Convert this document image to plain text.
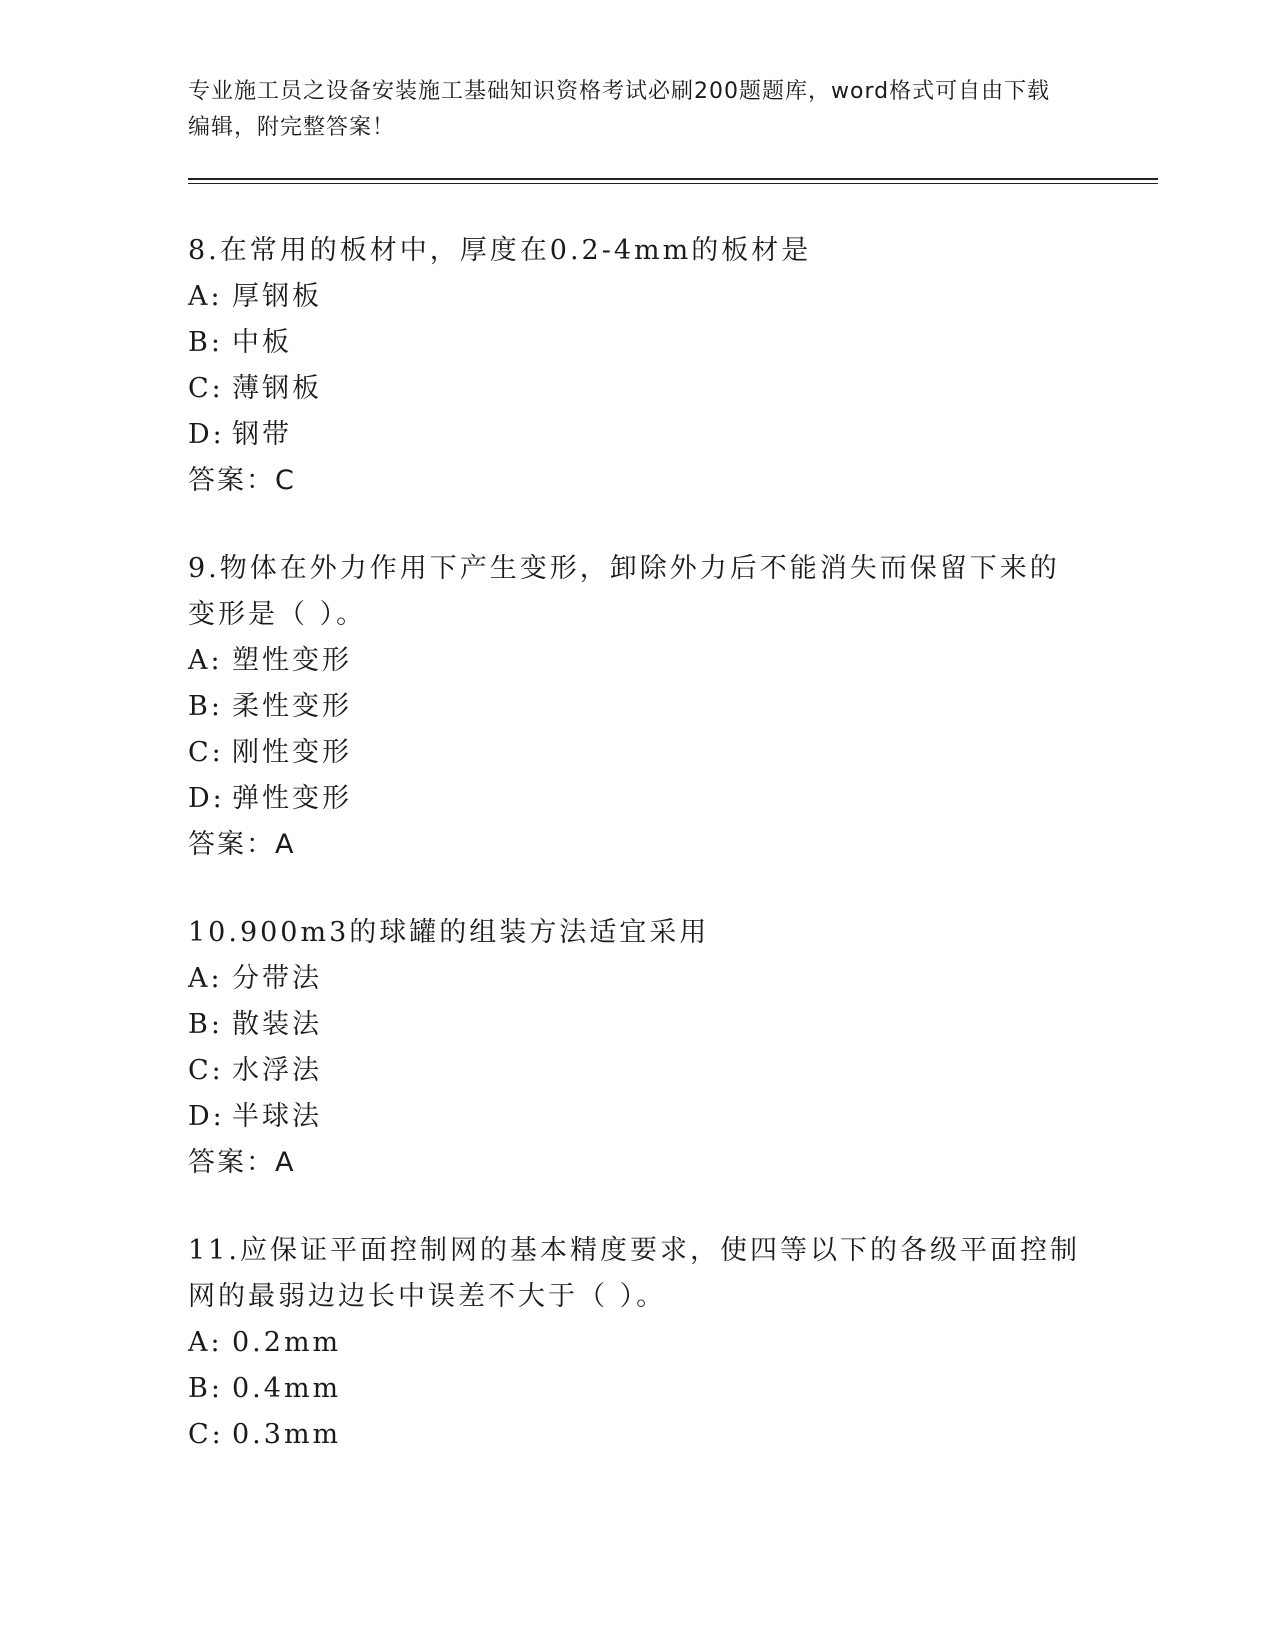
专业施工员之设备安装施工基础知识资格考试必刷200题题库，word格式可自由下载编辑，附完整答案！

8.在常用的板材中，厚度在0.2-4mm的板材是

A: 厚钢板

B: 中板

C: 薄钢板

D: 钢带

答案：C

9.物体在外力作用下产生变形，卸除外力后不能消失而保留下来的变形是（ ）。

A: 塑性变形

B: 柔性变形

C: 刚性变形

D: 弹性变形

答案：A

10.900m3的球罐的组装方法适宜采用

A: 分带法

B: 散装法

C: 水浮法

D: 半球法

答案：A

11.应保证平面控制网的基本精度要求，使四等以下的各级平面控制网的最弱边边长中误差不大于（ ）。

A: 0.2mm

B: 0.4mm

C: 0.3mm
